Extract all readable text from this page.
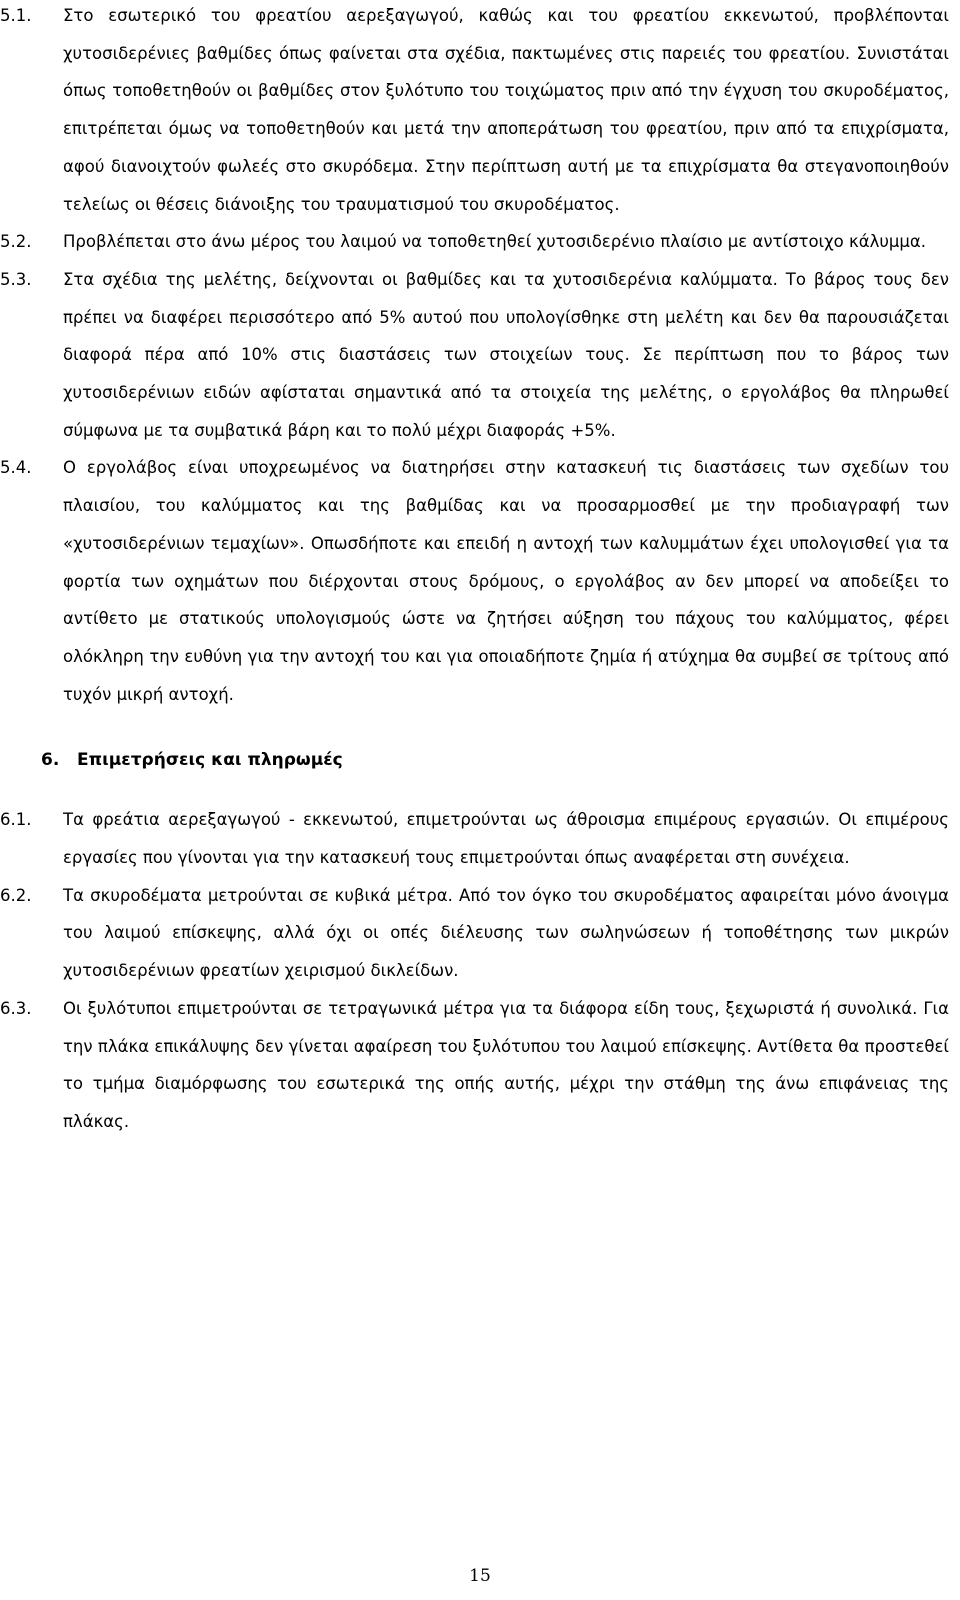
5.1.	Στο εσωτερικό του φρεατίου αερεξαγωγού, καθώς και του φρεατίου εκκενωτού, προβλέπονται χυτοσιδερένιες βαθμίδες όπως φαίνεται στα σχέδια, πακτωμένες στις παρειές του φρεατίου. Συνιστάται όπως τοποθετηθούν οι βαθμίδες στον ξυλότυπο του τοιχώματος πριν από την έγχυση του σκυροδέματος, επιτρέπεται όμως να τοποθετηθούν και μετά την αποπεράτωση του φρεατίου, πριν από τα επιχρίσματα, αφού διανοιχτούν φωλεές στο σκυρόδεμα. Στην περίπτωση αυτή με τα επιχρίσματα θα στεγανοποιηθούν τελείως οι θέσεις διάνοιξης του τραυματισμού του σκυροδέματος.
5.2.	Προβλέπεται στο άνω μέρος του λαιμού να τοποθετηθεί χυτοσιδερένιο πλαίσιο με αντίστοιχο κάλυμμα.
5.3.	Στα σχέδια της μελέτης, δείχνονται οι βαθμίδες και τα χυτοσιδερένια καλύμματα. Το βάρος τους δεν πρέπει να διαφέρει περισσότερο από 5% αυτού που υπολογίσθηκε στη μελέτη και δεν θα παρουσιάζεται διαφορά πέρα από 10% στις διαστάσεις των στοιχείων τους. Σε περίπτωση που το βάρος των χυτοσιδερένιων ειδών αφίσταται σημαντικά από τα στοιχεία της μελέτης, ο εργολάβος θα πληρωθεί σύμφωνα με τα συμβατικά βάρη και το πολύ μέχρι διαφοράς +5%.
5.4.	Ο εργολάβος είναι υποχρεωμένος να διατηρήσει στην κατασκευή τις διαστάσεις των σχεδίων του πλαισίου, του καλύμματος και της βαθμίδας και να προσαρμοσθεί με την προδιαγραφή των «χυτοσιδερένιων τεμαχίων». Οπωσδήποτε και επειδή η αντοχή των καλυμμάτων έχει υπολογισθεί για τα φορτία των οχημάτων που διέρχονται στους δρόμους, ο εργολάβος αν δεν μπορεί να αποδείξει το αντίθετο με στατικούς υπολογισμούς ώστε να ζητήσει αύξηση του πάχους του καλύμματος, φέρει ολόκληρη την ευθύνη για την αντοχή του και για οποιαδήποτε ζημία ή ατύχημα θα συμβεί σε τρίτους από τυχόν μικρή αντοχή.
6.   Επιμετρήσεις και πληρωμές
6.1.	Τα φρεάτια αερεξαγωγού - εκκενωτού, επιμετρούνται ως άθροισμα επιμέρους εργασιών. Οι επιμέρους εργασίες που γίνονται για την κατασκευή τους επιμετρούνται όπως αναφέρεται στη συνέχεια.
6.2.	Τα σκυροδέματα μετρούνται σε κυβικά μέτρα. Από τον όγκο του σκυροδέματος αφαιρείται μόνο άνοιγμα του λαιμού επίσκεψης, αλλά όχι οι οπές διέλευσης των σωληνώσεων ή τοποθέτησης των μικρών χυτοσιδερένιων φρεατίων χειρισμού δικλείδων.
6.3.	Οι ξυλότυποι επιμετρούνται σε τετραγωνικά μέτρα για τα διάφορα είδη τους, ξεχωριστά ή συνολικά. Για την πλάκα επικάλυψης δεν γίνεται αφαίρεση του ξυλότυπου του λαιμού επίσκεψης. Αντίθετα θα προστεθεί το τμήμα διαμόρφωσης του εσωτερικά της οπής αυτής, μέχρι την στάθμη της άνω επιφάνειας της πλάκας.
15
